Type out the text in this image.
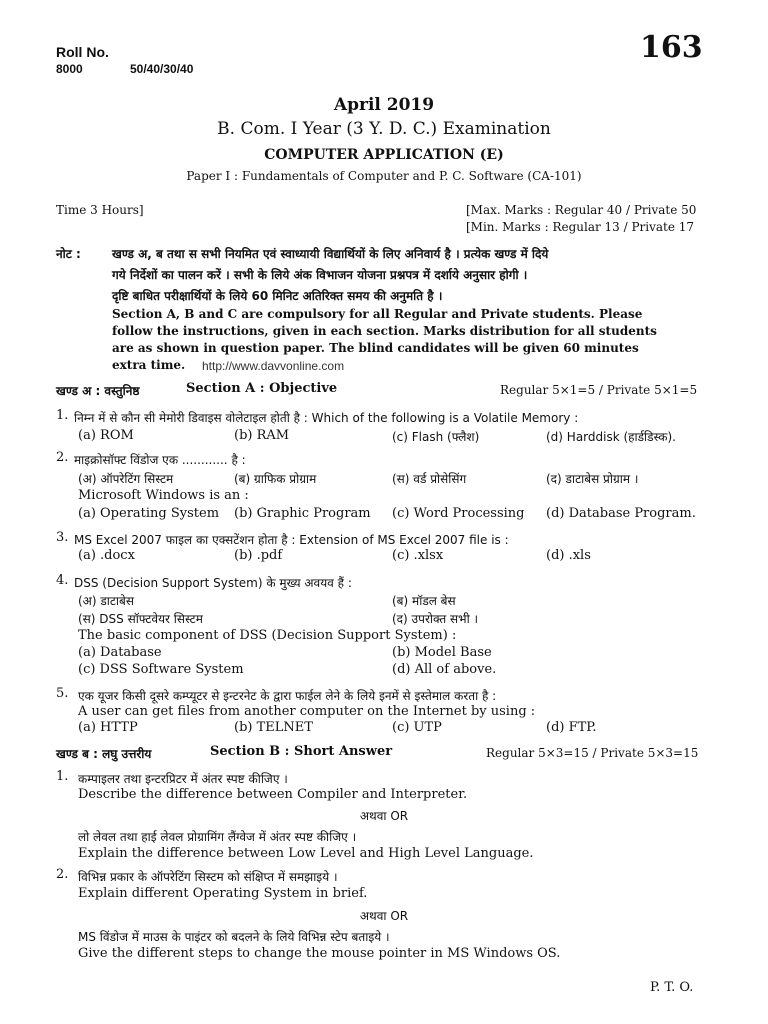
Roll No.
8000	50/40/30/40
163
April 2019
B. Com. I Year (3 Y. D. C.) Examination
COMPUTER APPLICATION (E)
Paper I : Fundamentals of Computer and P. C. Software (CA-101)
Time 3 Hours]	[Max. Marks : Regular 40 / Private 50
[Min. Marks : Regular 13 / Private 17
नोट :	खण्ड अ, ब तथा स सभी नियमित एवं स्वाध्यायी विद्यार्थियों के लिए अनिवार्य है । प्रत्येक खण्ड में दिये
गये निर्देशों का पालन करें । सभी के लिये अंक विभाजन योजना प्रश्नपत्र में दर्शाये अनुसार होगी ।
दृष्टि बाधित परीक्षार्थियों के लिये 60 मिनिट अतिरिक्त समय की अनुमति है ।
Section A, B and C are compulsory for all Regular and Private students. Please
follow the instructions, given in each section. Marks distribution for all students
are as shown in question paper. The blind candidates will be given 60 minutes
extra time. http://www.davvonline.com
खण्ड अ : वस्तुनिष्ठ	Section A : Objective	Regular 5×1=5 / Private 5×1=5
1. निम्न में से कौन सी मेमोरी डिवाइस वोलेटाइल होती है : Which of the following is a Volatile Memory :
(a) ROM	(b) RAM	(c) Flash (फ्लैश)	(d) Harddisk (हार्डडिस्क).
2. माइक्रोसॉफ्ट विंडोज एक ............ है :
(अ) ऑपरेटिंग सिस्टम	(ब) ग्राफिक प्रोग्राम	(स) वर्ड प्रोसेसिंग	(द) डाटाबेस प्रोग्राम ।
Microsoft Windows is an :
(a) Operating System (b) Graphic Program (c) Word Processing (d) Database Program.
3. MS Excel 2007 फाइल का एक्सटेंशन होता है : Extension of MS Excel 2007 file is :
(a) .docx	(b) .pdf	(c) .xlsx	(d) .xls
4. DSS (Decision Support System) के मुख्य अवयव हैं :
(अ) डाटाबेस	(ब) मॉडल बेस
(स) DSS सॉफ्टवेयर सिस्टम	(द) उपरोक्त सभी ।
The basic component of DSS (Decision Support System) :
(a) Database	(b) Model Base
(c) DSS Software System	(d) All of above.
5. एक यूजर किसी दूसरे कम्प्यूटर से इन्टरनेट के द्वारा फाईल लेने के लिये इनमें से इस्तेमाल करता है :
A user can get files from another computer on the Internet by using :
(a) HTTP	(b) TELNET	(c) UTP	(d) FTP.
खण्ड ब : लघु उत्तरीय	Section B : Short Answer	Regular 5×3=15 / Private 5×3=15
1. कम्पाइलर तथा इन्टरप्रिटर में अंतर स्पष्ट कीजिए ।
Describe the difference between Compiler and Interpreter.
अथवा OR
लो लेवल तथा हाई लेवल प्रोग्रामिंग लैंग्वेज में अंतर स्पष्ट कीजिए ।
Explain the difference between Low Level and High Level Language.
2. विभिन्न प्रकार के ऑपरेटिंग सिस्टम को संक्षिप्त में समझाइये ।
Explain different Operating System in brief.
अथवा OR
MS विंडोज में माउस के पाइंटर को बदलने के लिये विभिन्न स्टेप बताइये ।
Give the different steps to change the mouse pointer in MS Windows OS.
P. T. O.
